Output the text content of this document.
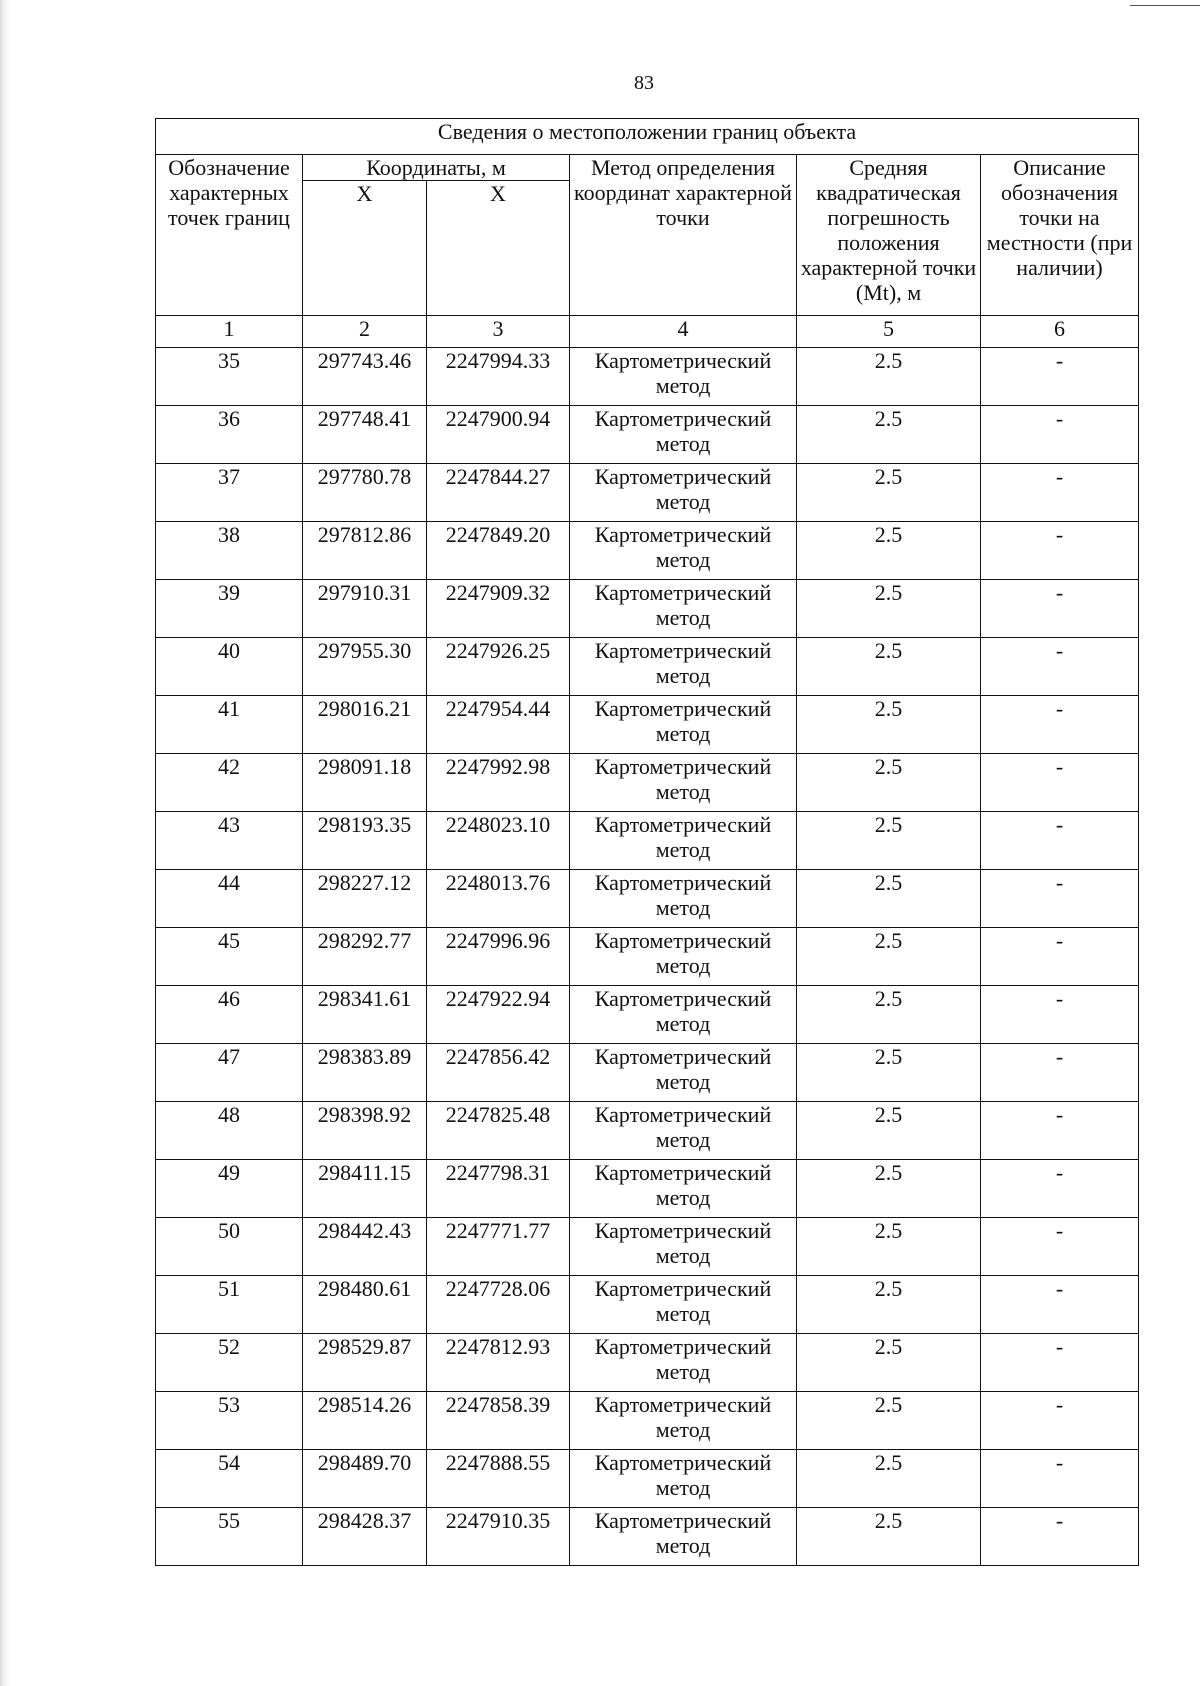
83
Сведения о местоположении границ объекта					
Обозначение характерных точек границ	Координаты, м		Метод определения координат характерной точки	Средняя квадратическая погрешность положения характерной точки (Mt), м	Описание обозначения точки на местности (при наличии)
	X	X			
1	2	3	4	5	6
35	297743.46	2247994.33	Картометрический метод	2.5	-
36	297748.41	2247900.94	Картометрический метод	2.5	-
37	297780.78	2247844.27	Картометрический метод	2.5	-
38	297812.86	2247849.20	Картометрический метод	2.5	-
39	297910.31	2247909.32	Картометрический метод	2.5	-
40	297955.30	2247926.25	Картометрический метод	2.5	-
41	298016.21	2247954.44	Картометрический метод	2.5	-
42	298091.18	2247992.98	Картометрический метод	2.5	-
43	298193.35	2248023.10	Картометрический метод	2.5	-
44	298227.12	2248013.76	Картометрический метод	2.5	-
45	298292.77	2247996.96	Картометрический метод	2.5	-
46	298341.61	2247922.94	Картометрический метод	2.5	-
47	298383.89	2247856.42	Картометрический метод	2.5	-
48	298398.92	2247825.48	Картометрический метод	2.5	-
49	298411.15	2247798.31	Картометрический метод	2.5	-
50	298442.43	2247771.77	Картометрический метод	2.5	-
51	298480.61	2247728.06	Картометрический метод	2.5	-
52	298529.87	2247812.93	Картометрический метод	2.5	-
53	298514.26	2247858.39	Картометрический метод	2.5	-
54	298489.70	2247888.55	Картометрический метод	2.5	-
55	298428.37	2247910.35	Картометрический метод	2.5	-
